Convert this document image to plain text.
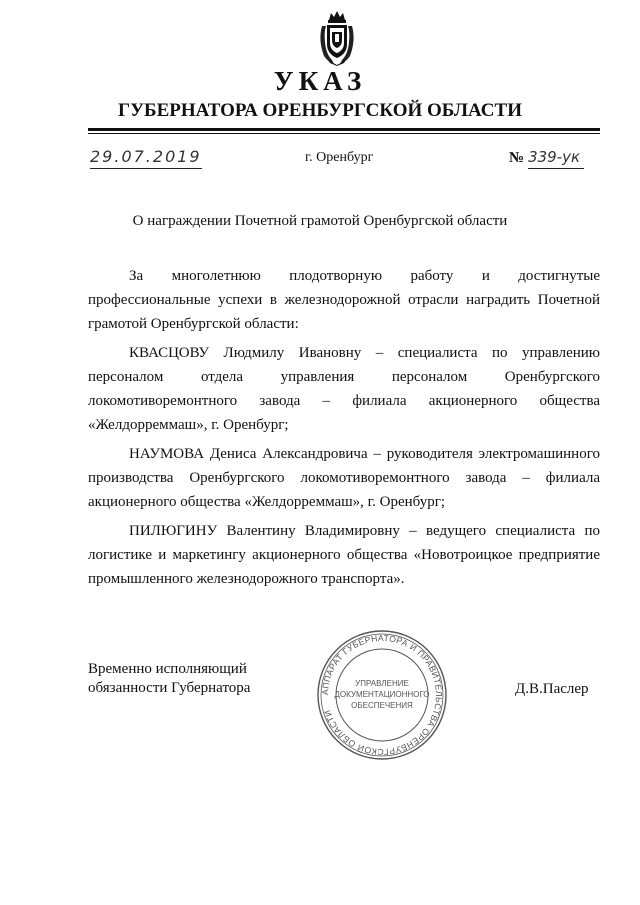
УКАЗ
ГУБЕРНАТОРА ОРЕНБУРГСКОЙ ОБЛАСТИ
29.07.2019	г. Оренбург	№ 339-ук
О награждении Почетной грамотой Оренбургской области

За многолетнюю плодотворную работу и достигнутые профессиональные успехи в железнодорожной отрасли наградить Почетной грамотой Оренбургской области:

КВАСЦОВУ Людмилу Ивановну – специалиста по управлению персоналом отдела управления персоналом Оренбургского локомотиворемонтного завода – филиала акционерного общества «Желдорреммаш», г. Оренбург;

НАУМОВА Дениса Александровича – руководителя электромашинного производства Оренбургского локомотиворемонтного завода – филиала акционерного общества «Желдорреммаш», г. Оренбург;

ПИЛЮГИНУ Валентину Владимировну – ведущего специалиста по логистике и маркетингу акционерного общества «Новотроицкое предприятие промышленного железнодорожного транспорта».

Временно исполняющий
обязанности Губернатора	Д.В.Паслер
АППАРАТ ГУБЕРНАТОРА И ПРАВИТЕЛЬСТВА ОРЕНБУРГСКОЙ ОБЛАСТИ
УПРАВЛЕНИЕ
ДОКУМЕНТАЦИОННОГО
ОБЕСПЕЧЕНИЯ
